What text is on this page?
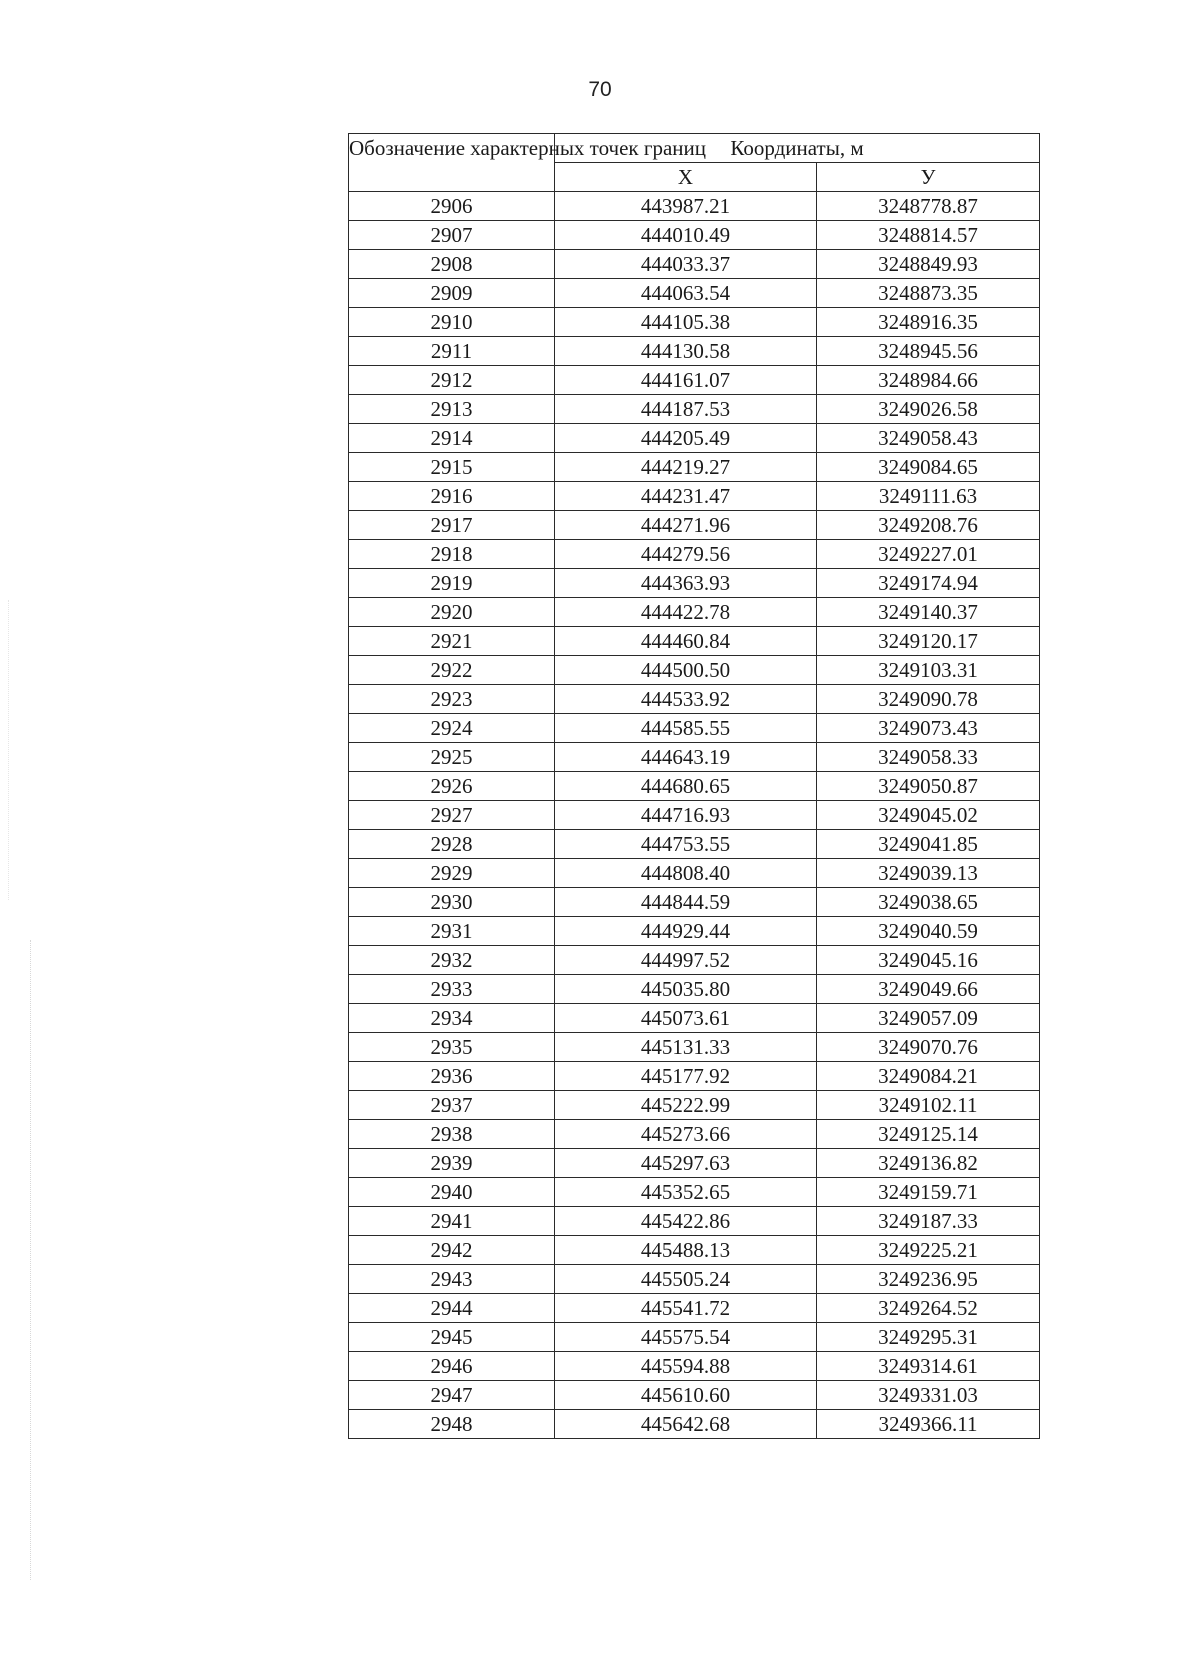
70
Обозначение характерных точек границ	Координаты, м	
	X	У
2906	443987.21	3248778.87
2907	444010.49	3248814.57
2908	444033.37	3248849.93
2909	444063.54	3248873.35
2910	444105.38	3248916.35
2911	444130.58	3248945.56
2912	444161.07	3248984.66
2913	444187.53	3249026.58
2914	444205.49	3249058.43
2915	444219.27	3249084.65
2916	444231.47	3249111.63
2917	444271.96	3249208.76
2918	444279.56	3249227.01
2919	444363.93	3249174.94
2920	444422.78	3249140.37
2921	444460.84	3249120.17
2922	444500.50	3249103.31
2923	444533.92	3249090.78
2924	444585.55	3249073.43
2925	444643.19	3249058.33
2926	444680.65	3249050.87
2927	444716.93	3249045.02
2928	444753.55	3249041.85
2929	444808.40	3249039.13
2930	444844.59	3249038.65
2931	444929.44	3249040.59
2932	444997.52	3249045.16
2933	445035.80	3249049.66
2934	445073.61	3249057.09
2935	445131.33	3249070.76
2936	445177.92	3249084.21
2937	445222.99	3249102.11
2938	445273.66	3249125.14
2939	445297.63	3249136.82
2940	445352.65	3249159.71
2941	445422.86	3249187.33
2942	445488.13	3249225.21
2943	445505.24	3249236.95
2944	445541.72	3249264.52
2945	445575.54	3249295.31
2946	445594.88	3249314.61
2947	445610.60	3249331.03
2948	445642.68	3249366.11
